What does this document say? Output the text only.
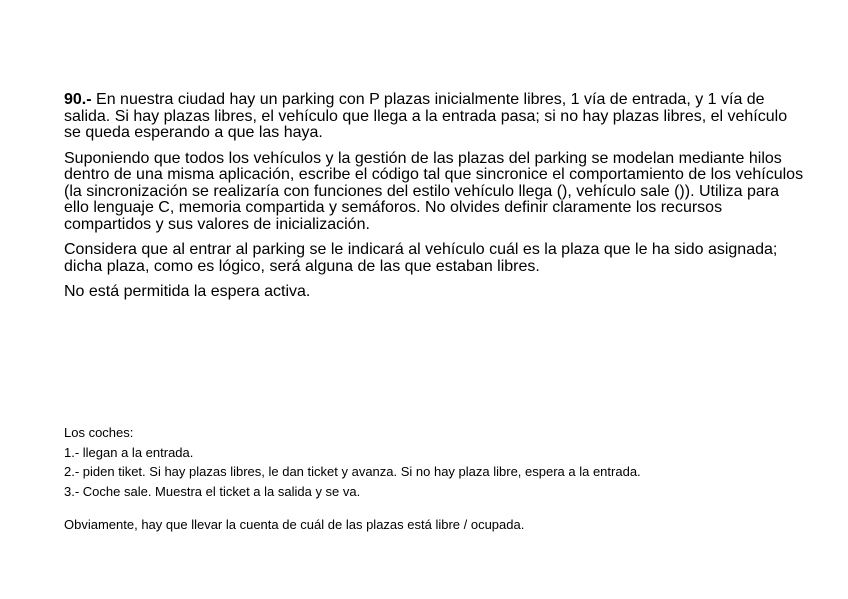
90.- En nuestra ciudad hay un parking con P plazas inicialmente libres, 1 vía de entrada, y 1 vía de salida. Si hay plazas libres, el vehículo que llega a la entrada pasa; si no hay plazas libres, el vehículo se queda esperando a que las haya.

Suponiendo que todos los vehículos y la gestión de las plazas del parking se modelan mediante hilos dentro de una misma aplicación, escribe el código tal que sincronice el comportamiento de los vehículos (la sincronización se realizaría con funciones del estilo vehículo llega (), vehículo sale ()). Utiliza para ello lenguaje C, memoria compartida y semáforos. No olvides definir claramente los recursos compartidos y sus valores de inicialización.

Considera que al entrar al parking se le indicará al vehículo cuál es la plaza que le ha sido asignada; dicha plaza, como es lógico, será alguna de las que estaban libres.

No está permitida la espera activa.

Los coches:
1.- llegan a la entrada.
2.- piden tiket. Si hay plazas libres, le dan ticket y avanza. Si no hay plaza libre, espera a la entrada.
3.- Coche sale. Muestra el ticket a la salida y se va.
Obviamente, hay que llevar la cuenta de cuál de las plazas está libre / ocupada.
